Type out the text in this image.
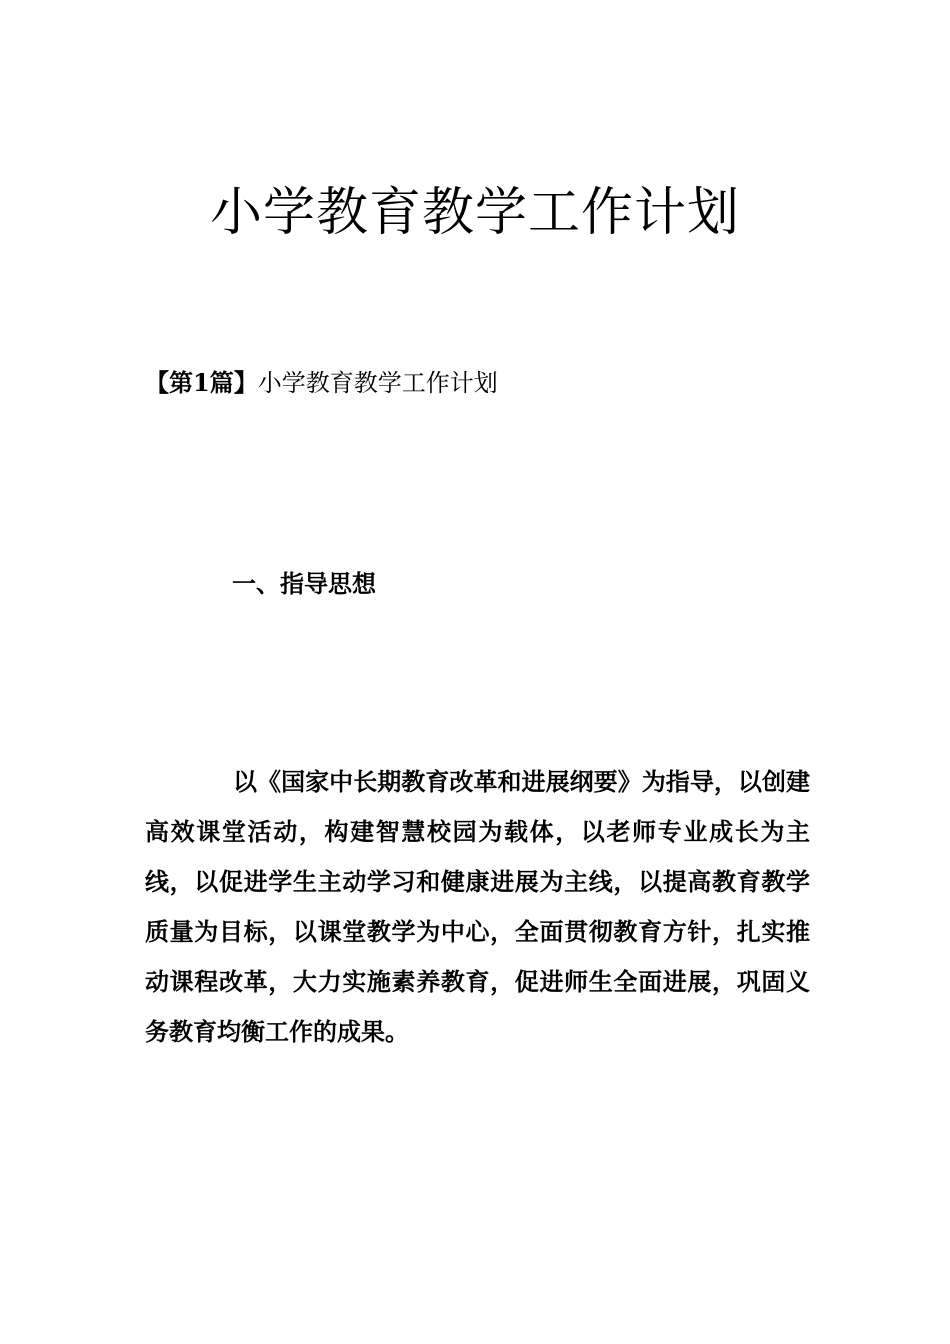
小学教育教学工作计划
【第1篇】小学教育教学工作计划
一、指导思想

以《国家中长期教育改革和进展纲要》为指导，以创建高效课堂活动，构建智慧校园为载体，以老师专业成长为主线，以促进学生主动学习和健康进展为主线，以提高教育教学质量为目标，以课堂教学为中心，全面贯彻教育方针，扎实推动课程改革，大力实施素养教育，促进师生全面进展，巩固义务教育均衡工作的成果。
